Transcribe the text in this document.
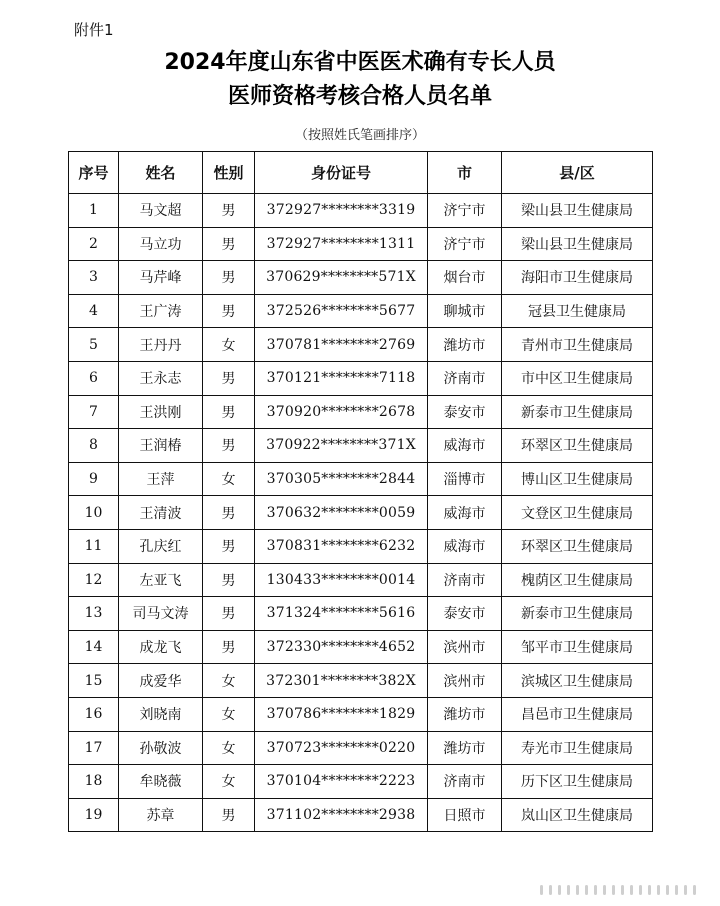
附件1
2024年度山东省中医医术确有专长人员
医师资格考核合格人员名单
（按照姓氏笔画排序）
序号	姓名	性别	身份证号	市	县/区
1	马文超	男	372927********3319	济宁市	梁山县卫生健康局
2	马立功	男	372927********1311	济宁市	梁山县卫生健康局
3	马芹峰	男	370629********571X	烟台市	海阳市卫生健康局
4	王广涛	男	372526********5677	聊城市	冠县卫生健康局
5	王丹丹	女	370781********2769	潍坊市	青州市卫生健康局
6	王永志	男	370121********7118	济南市	市中区卫生健康局
7	王洪刚	男	370920********2678	泰安市	新泰市卫生健康局
8	王润椿	男	370922********371X	威海市	环翠区卫生健康局
9	王萍	女	370305********2844	淄博市	博山区卫生健康局
10	王清波	男	370632********0059	威海市	文登区卫生健康局
11	孔庆红	男	370831********6232	威海市	环翠区卫生健康局
12	左亚飞	男	130433********0014	济南市	槐荫区卫生健康局
13	司马文涛	男	371324********5616	泰安市	新泰市卫生健康局
14	成龙飞	男	372330********4652	滨州市	邹平市卫生健康局
15	成爱华	女	372301********382X	滨州市	滨城区卫生健康局
16	刘晓南	女	370786********1829	潍坊市	昌邑市卫生健康局
17	孙敬波	女	370723********0220	潍坊市	寿光市卫生健康局
18	牟晓薇	女	370104********2223	济南市	历下区卫生健康局
19	苏章	男	371102********2938	日照市	岚山区卫生健康局
